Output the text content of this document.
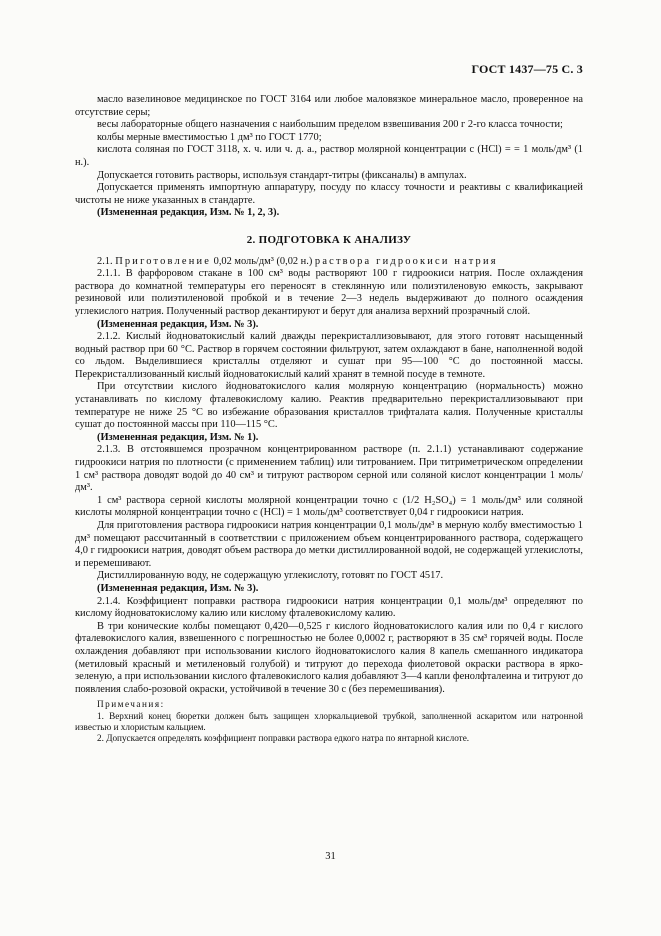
ГОСТ 1437—75 С. 3

масло вазелиновое медицинское по ГОСТ 3164 или любое маловязкое минеральное масло, проверенное на отсутствие серы;

весы лабораторные общего назначения с наибольшим пределом взвешивания 200 г 2-го класса точности;

колбы мерные вместимостью 1 дм³ по ГОСТ 1770;

кислота соляная по ГОСТ 3118, х. ч. или ч. д. а., раствор молярной концентрации c (HCl) = = 1 моль/дм³ (1 н.).

Допускается готовить растворы, используя стандарт-титры (фиксаналы) в ампулах.

Допускается применять импортную аппаратуру, посуду по классу точности и реактивы с квалификацией чистоты не ниже указанных в стандарте.

(Измененная редакция, Изм. № 1, 2, 3).

2. ПОДГОТОВКА К АНАЛИЗУ

2.1. Приготовление 0,02 моль/дм³ (0,02 н.) раствора гидроокиси натрия

2.1.1. В фарфоровом стакане в 100 см³ воды растворяют 100 г гидроокиси натрия. После охлаждения раствора до комнатной температуры его переносят в стеклянную или полиэтиленовую емкость, закрывают резиновой или полиэтиленовой пробкой и в течение 2—3 недель выдерживают до полного осаждения углекислого натрия. Полученный раствор декантируют и берут для анализа верхний прозрачный слой.

(Измененная редакция, Изм. № 3).

2.1.2. Кислый йодноватокислый калий дважды перекристаллизовывают, для этого готовят насыщенный водный раствор при 60 °С. Раствор в горячем состоянии фильтруют, затем охлаждают в бане, наполненной водой со льдом. Выделившиеся кристаллы отделяют и сушат при 95—100 °С до постоянной массы. Перекристаллизованный кислый йодноватокислый калий хранят в темной посуде в темноте.

При отсутствии кислого йодноватокислого калия молярную концентрацию (нормальность) можно устанавливать по кислому фталевокислому калию. Реактив предварительно перекристаллизовывают при температуре не ниже 25 °С во избежание образования кристаллов трифталата калия. Полученные кристаллы сушат до постоянной массы при 110—115 °С.

(Измененная редакция, Изм. № 1).

2.1.3. В отстоявшемся прозрачном концентрированном растворе (п. 2.1.1) устанавливают содержание гидроокиси натрия по плотности (с применением таблиц) или титрованием. При титриметрическом определении 1 см³ раствора доводят водой до 40 см³ и титруют раствором серной или соляной кислот концентрации 1 моль/дм³.

1 см³ раствора серной кислоты молярной концентрации точно c (1/2 H₂SO₄) = 1 моль/дм³ или соляной кислоты молярной концентрации точно c (HCl) = 1 моль/дм³ соответствует 0,04 г гидроокиси натрия.

Для приготовления раствора гидроокиси натрия концентрации 0,1 моль/дм³ в мерную колбу вместимостью 1 дм³ помещают рассчитанный в соответствии с приложением объем концентрированного раствора, содержащего 4,0 г гидроокиси натрия, доводят объем раствора до метки дистиллированной водой, не содержащей углекислоты, и перемешивают.

Дистиллированную воду, не содержащую углекислоту, готовят по ГОСТ 4517.

(Измененная редакция, Изм. № 3).

2.1.4. Коэффициент поправки раствора гидроокиси натрия концентрации 0,1 моль/дм³ определяют по кислому йодноватокислому калию или кислому фталевокислому калию.

В три конические колбы помещают 0,420—0,525 г кислого йодноватокислого калия или по 0,4 г кислого фталевокислого калия, взвешенного с погрешностью не более 0,0002 г, растворяют в 35 см³ горячей воды. После охлаждения добавляют при использовании кислого йодноватокислого калия 8 капель смешанного индикатора (метиловый красный и метиленовый голубой) и титруют до перехода фиолетовой окраски раствора в ярко-зеленую, а при использовании кислого фталевокислого калия добавляют 3—4 капли фенолфталеина и титруют до появления слабо-розовой окраски, устойчивой в течение 30 с (без перемешивания).

Примечания:

1. Верхний конец бюретки должен быть защищен хлоркальциевой трубкой, заполненной аскаритом или натронной известью и хлористым кальцием.

2. Допускается определять коэффициент поправки раствора едкого натра по янтарной кислоте.

31
